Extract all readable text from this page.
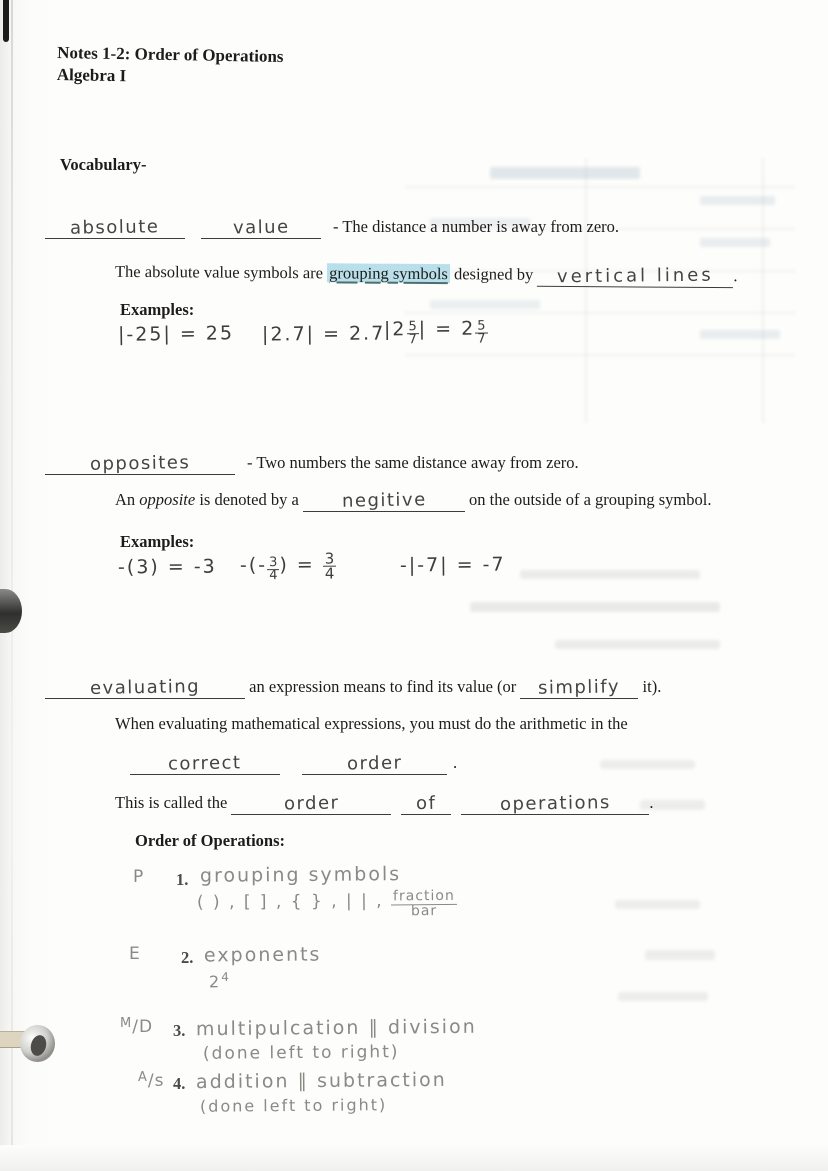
Notes 1-2: Order of Operations
Algebra I
Vocabulary-
absolute	value	- The distance a number is away from zero.
The absolute value symbols are grouping symbols designed by vertical lines .
Examples:
|-25| = 25 |2.7| = 2.7
$|2 \frac{5}{7}$ | = $2 \frac{5}{7}$
opposites	- Two numbers the same distance away from zero.
An opposite is denoted by a negitive on the outside of a grouping symbol.
Examples:
-(3) = -3 -(- $\frac{3}{4}$ ) = $\frac{3}{4}$	-|-7| = -7
evaluating	an expression means to find its value (or simplify it).
When evaluating mathematical expressions, you must do the arithmetic in the
correct	order	.
This is called the	order	of	operations .
Order of Operations:
P 1. grouping symbols
( ) , [ ] , { } , | | , fraction
bar
E 2. exponents
$2^4$
$^M$/D 3. multipulcation ∥ division
(done left to right)
$^A$/s 4. addition ∥ subtraction
(done left to right)
